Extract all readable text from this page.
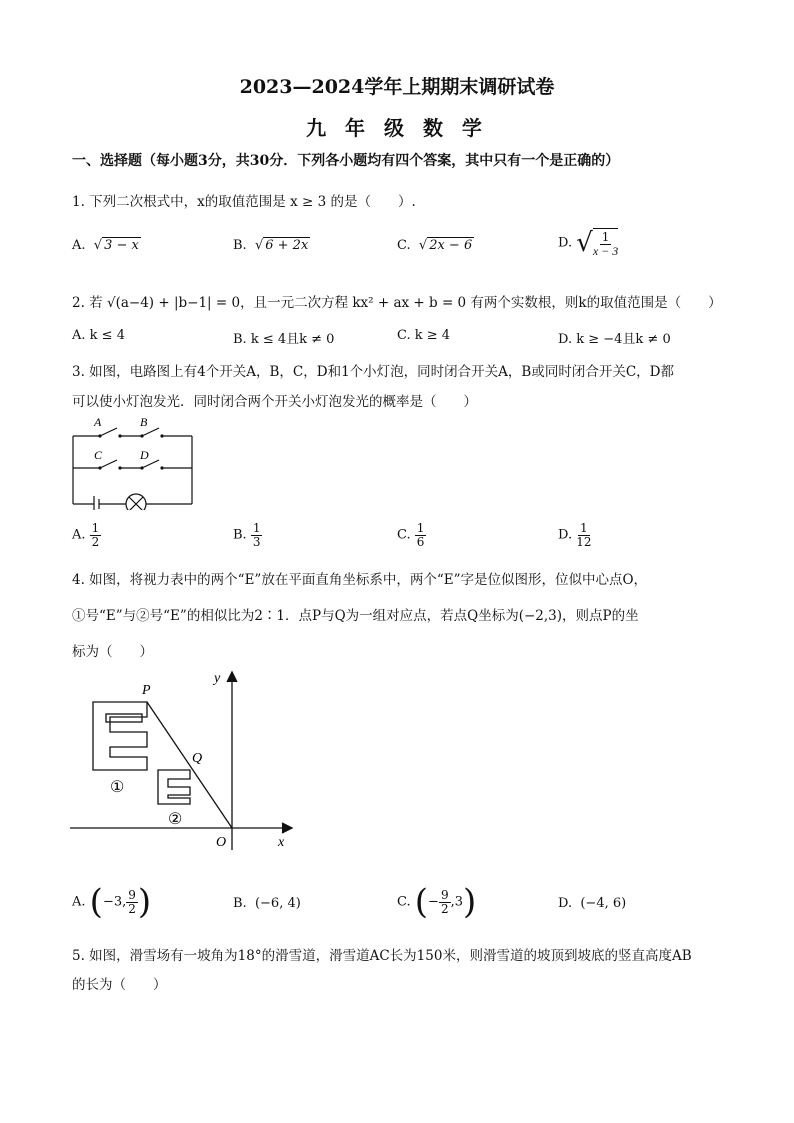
2023—2024学年上期期末调研试卷
九 年 级 数 学
一、选择题（每小题3分，共30分．下列各小题均有四个答案，其中只有一个是正确的）
1. 下列二次根式中，x的取值范围是 x ≥ 3 的是（　　）.
A.  √ 3 − x	B.  √ 6 + 2x	C.  √ 2x − 6	D. √ $\frac{1}{x - 3}$
2. 若 √(a−4) + |b−1| = 0，且一元二次方程 kx² + ax + b = 0 有两个实数根，则k的取值范围是（　　）
A. k ≤ 4	B. k ≤ 4且k ≠ 0	C. k ≥ 4	D. k ≥ −4且k ≠ 0
3. 如图，电路图上有4个开关A，B，C，D和1个小灯泡，同时闭合开关A，B或同时闭合开关C，D都
可以使小灯泡发光．同时闭合两个开关小灯泡发光的概率是（　　）
A	B
C	D
A. $\frac{1}{2}$	B. $\frac{1}{3}$	C. $\frac{1}{6}$	D. $\frac{1}{12}$
4. 如图，将视力表中的两个“E”放在平面直角坐标系中，两个“E”字是位似图形，位似中心点O，
①号“E”与②号“E”的相似比为2∶1．点P与Q为一组对应点，若点Q坐标为(−2,3)，则点P的坐
标为（　　）
P
Q
O	x
y
①
②
A. (−3, $\frac{9}{2}$ )	B. (−6, 4)	C. (− $\frac{9}{2} ,3$)	D. (−4, 6)
5. 如图，滑雪场有一坡角为18°的滑雪道，滑雪道AC长为150米，则滑雪道的坡顶到坡底的竖直高度AB
的长为（　　）
